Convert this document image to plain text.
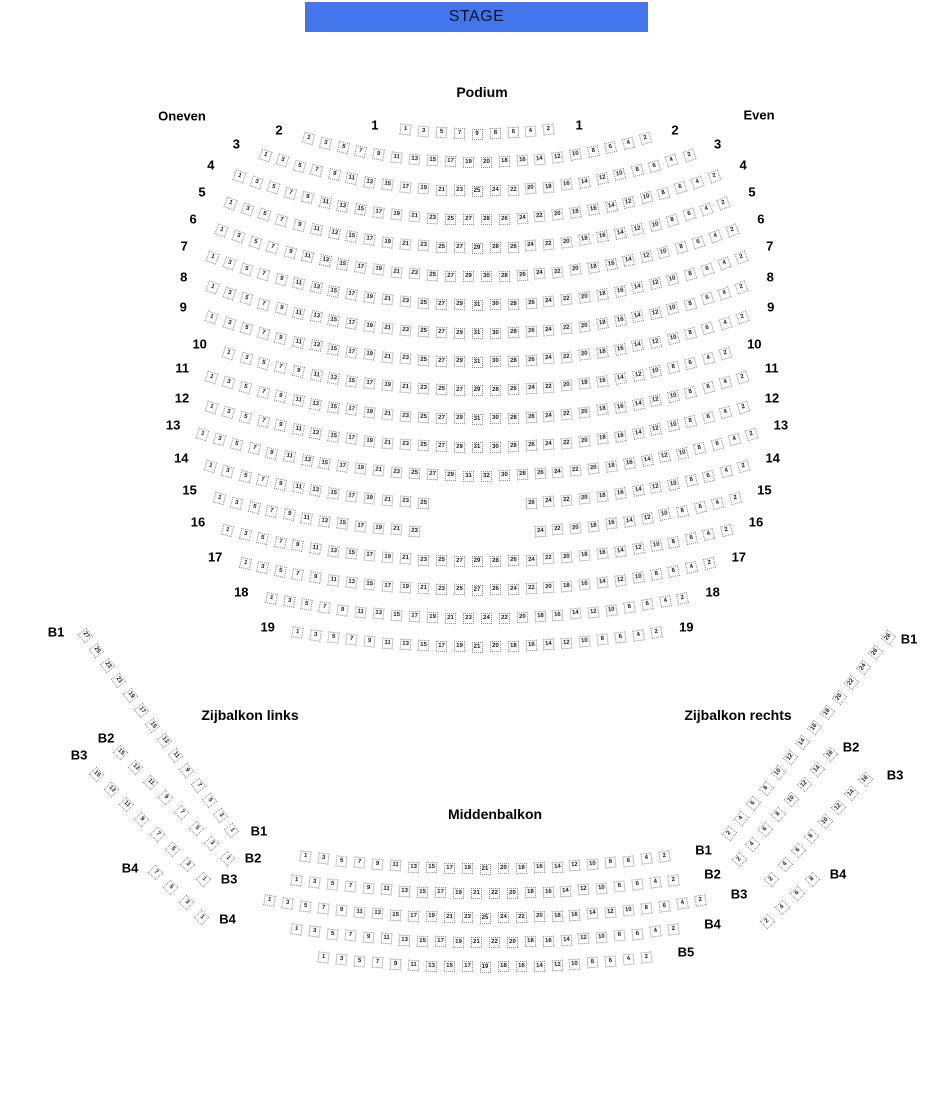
STAGE
Podium
Oneven	Even
Zijbalkon links	Zijbalkon rechts
Middenbalkon
1	3	5	7	9	8	6	4	2
1	1
1
3
5
7	9	11	13	15	17	19	20	18	16	14	12	10	8
6
4
2
2	2
1
3
5
7
9
11	13	15	17	19	21	23	25	24	22	20	18	16	14	12
10
8
6
4
2
3	3
1
3
5
7
9
11
13	15	17	19	21	23	25	27	28	26	24	22	20	18	16	14
12
10
8
6
4
2
4	4
1
3
5
7
9
11
13	15	17	19	21	23	25	27	29	28	26	24	22	20	18	16	14
12
10
8
6
4
2
5	5
1
3
5
7
9
11
13	15	17	19	21	23	25	27	29	30	28	26	24	22	20	18	16	14
12
10
8
6
4
2
6	6
1
3
5
7
9
11
13	15	17	19	21	23	25	27	29	31	30	28	26	24	22	20	18	16	14
12
10
8
6
4
2
7	7
1
3
5
7
9
11
13	15	17	19	21	23	25	27	29	31	30	28	26	24	22	20	18	16	14
12
10
8
6
4
2
8	8
1
3
5
7
9
11
13	15	17	19	21	23	25	27	29	31	30	28	26	24	22	20	18	16	14
12
10
8
6
4
2
9	9
1
3
5
7
9
11	13	15	17	19	21	23	25	27	29	28	26	24	22	20	18	16	14	12
10
8
6
4
2
10	10
1
3
5
7
9
11	13	15	17	19	21	23	25	27	29	31	30	28	26	24	22	20	18	16	14	12
10
8
6
4
2
11	11
1
3
5
7
9
11	13	15	17	19	21	23	25	27	29	31	30	28	26	24	22	20	18	16	14	12
10
8
6
4
2
12	12
1
3
5
7
9
11	13	15	17	19	21	23	25	27	29	31	32	30	28	26	24	22	20	18	16	14	12
10
8
6
4
2
13	13
1
3
5
7
9	11	13	15	17	19	21	23	25	26	24	22	20	18	16	14	12	10
8
6
4
2
14	14
1
3
5
7
9	11	13	15	17	19	21	23	24	22	20	18	16	14	12	10
8
6
4
2
15	15
1
3
5
7
9	11	13	15	17	19	21	23	25	27	29	28	26	24	22	20	18	16	14	12	10	8
6
4
2
16	16
1
3
5
7	9	11	13	15	17	19	21	23	25	27	26	24	22	20	18	16	14	12	10	8
6
4
2
17	17
1
3	5	7	9	11	13	15	17	19	21	23	24	22	20	18	16	14	12	10	8	6	4
2
18	18
1	3	5	7	9	11	13	15	17	19	21	20	18	16	14	12	10	8	6	4	2
19	19
1	3	5	7	9	11	13	15	17	19	21	20	18	16	14	12	10	8	6	4	2	B1
1	3	5	7	9	11	13	15	17	19	21	22	20	18	16	14	12	10	8	6	4	2	B2
1	3	5	7	9	11	13	15	17	19	21	23	25	24	22	20	18	16	14	12	10	8	6	4	2	B3
1	3	5	7	9	11	13	15	17	19	21	22	20	18	16	14	12	10	8	6	4	2	B4
1	3	5	7	9	11	13	15	17	19	18	16	14	12	10	8	6	4	2	B5
27
25
23
21
19
17
15
13
11
9
7
5
3
1
B1
B1
15
13
11
9
7
5
3
1
B2
B2
15
13
11
9
7
5
3
1
B3
B3
7
5
3
1
B4
B4
28
26
24
22
20
18
16
14
12
10
8
6
4
2
B1
16
14
12
10
8
6
4
2
B2
16
14
12
10
8
6
4
2
B3
8
6
4
2
B4
